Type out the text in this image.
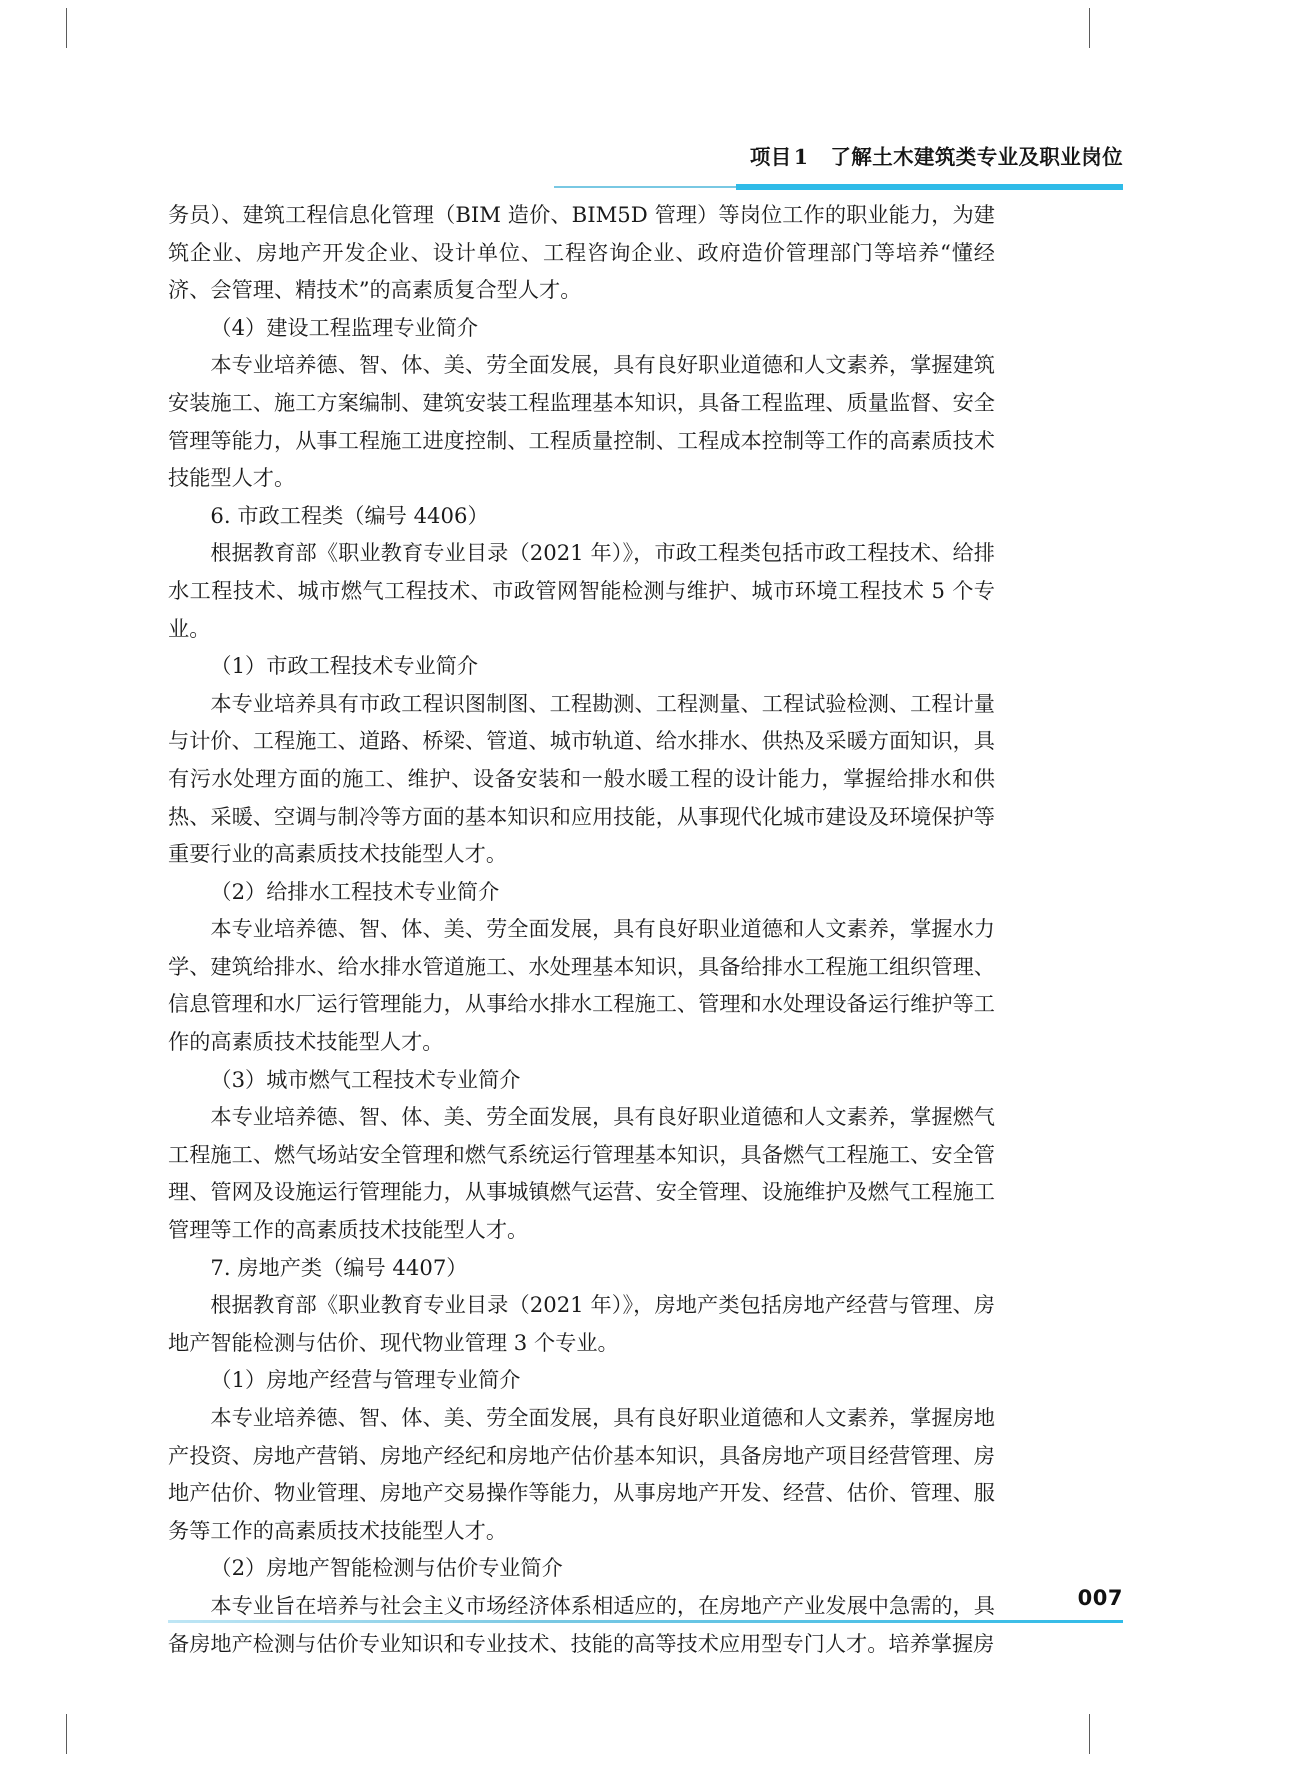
项目1 了解土木建筑类专业及职业岗位

务员）、建筑工程信息化管理（BIM 造价、BIM5D 管理）等岗位工作的职业能力，为建筑企业、房地产开发企业、设计单位、工程咨询企业、政府造价管理部门等培养“懂经济、会管理、精技术”的高素质复合型人才。

（4）建设工程监理专业简介

本专业培养德、智、体、美、劳全面发展，具有良好职业道德和人文素养，掌握建筑安装施工、施工方案编制、建筑安装工程监理基本知识，具备工程监理、质量监督、安全管理等能力，从事工程施工进度控制、工程质量控制、工程成本控制等工作的高素质技术技能型人才。

6. 市政工程类（编号 4406）

根据教育部《职业教育专业目录（2021 年）》，市政工程类包括市政工程技术、给排水工程技术、城市燃气工程技术、市政管网智能检测与维护、城市环境工程技术 5 个专业。

（1）市政工程技术专业简介

本专业培养具有市政工程识图制图、工程勘测、工程测量、工程试验检测、工程计量与计价、工程施工、道路、桥梁、管道、城市轨道、给水排水、供热及采暖方面知识，具有污水处理方面的施工、维护、设备安装和一般水暖工程的设计能力，掌握给排水和供热、采暖、空调与制冷等方面的基本知识和应用技能，从事现代化城市建设及环境保护等重要行业的高素质技术技能型人才。

（2）给排水工程技术专业简介

本专业培养德、智、体、美、劳全面发展，具有良好职业道德和人文素养，掌握水力学、建筑给排水、给水排水管道施工、水处理基本知识，具备给排水工程施工组织管理、信息管理和水厂运行管理能力，从事给水排水工程施工、管理和水处理设备运行维护等工作的高素质技术技能型人才。

（3）城市燃气工程技术专业简介

本专业培养德、智、体、美、劳全面发展，具有良好职业道德和人文素养，掌握燃气工程施工、燃气场站安全管理和燃气系统运行管理基本知识，具备燃气工程施工、安全管理、管网及设施运行管理能力，从事城镇燃气运营、安全管理、设施维护及燃气工程施工管理等工作的高素质技术技能型人才。

7. 房地产类（编号 4407）

根据教育部《职业教育专业目录（2021 年）》，房地产类包括房地产经营与管理、房地产智能检测与估价、现代物业管理 3 个专业。

（1）房地产经营与管理专业简介

本专业培养德、智、体、美、劳全面发展，具有良好职业道德和人文素养，掌握房地产投资、房地产营销、房地产经纪和房地产估价基本知识，具备房地产项目经营管理、房地产估价、物业管理、房地产交易操作等能力，从事房地产开发、经营、估价、管理、服务等工作的高素质技术技能型人才。

（2）房地产智能检测与估价专业简介

本专业旨在培养与社会主义市场经济体系相适应的，在房地产产业发展中急需的，具备房地产检测与估价专业知识和专业技术、技能的高等技术应用型专门人才。培养掌握房

007
